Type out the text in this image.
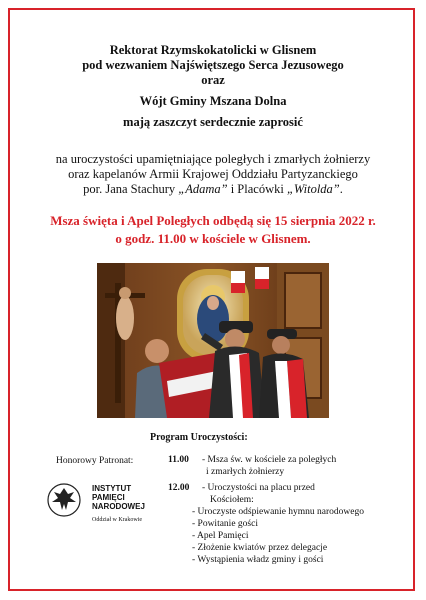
Rektorat Rzymskokatolicki w Glisnem
pod wezwaniem Najświętszego Serca Jezusowego
oraz
Wójt Gminy Mszana Dolna
mają zaszczyt serdecznie zaprosić
na uroczystości upamiętniające poległych i zmarłych żołnierzy
oraz kapelanów Armii Krajowej Oddziału Partyzanckiego
por. Jana Stachury „Adama” i Placówki „Witolda”.
Msza święta i Apel Poległych odbędą się 15 sierpnia 2022 r.
o godz. 11.00 w kościele w Glisnem.
Program Uroczystości:
Honorowy Patronat:
INSTYTUT
PAMIĘCI
NARODOWEJ
Oddział w Krakowie
11.00	- Msza św. w kościele za poległych
i zmarłych żołnierzy
12.00	- Uroczystości na placu przed
Kościołem:
- Uroczyste odśpiewanie hymnu narodowego
- Powitanie gości
- Apel Pamięci
- Złożenie kwiatów przez delegacje
- Wystąpienia władz gminy i gości
